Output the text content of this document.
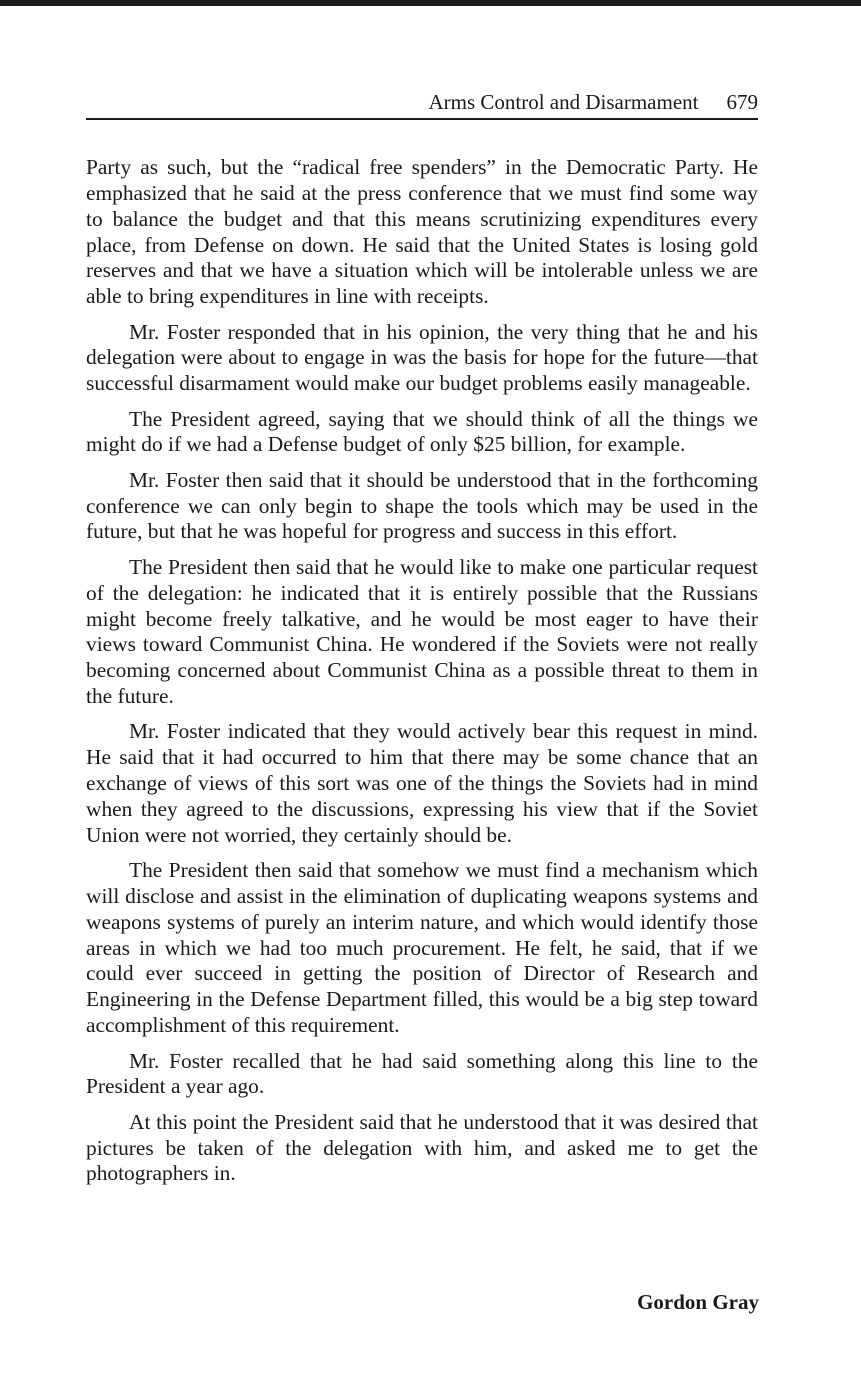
Arms Control and Disarmament 679

Party as such, but the “radical free spenders” in the Democratic Party. He emphasized that he said at the press conference that we must find some way to balance the budget and that this means scrutinizing expenditures every place, from Defense on down. He said that the United States is losing gold reserves and that we have a situation which will be intolerable unless we are able to bring expenditures in line with receipts.

Mr. Foster responded that in his opinion, the very thing that he and his delegation were about to engage in was the basis for hope for the future—that successful disarmament would make our budget problems easily manageable.

The President agreed, saying that we should think of all the things we might do if we had a Defense budget of only $25 billion, for example.

Mr. Foster then said that it should be understood that in the forthcoming conference we can only begin to shape the tools which may be used in the future, but that he was hopeful for progress and success in this effort.

The President then said that he would like to make one particular request of the delegation: he indicated that it is entirely possible that the Russians might become freely talkative, and he would be most eager to have their views toward Communist China. He wondered if the Soviets were not really becoming concerned about Communist China as a possible threat to them in the future.

Mr. Foster indicated that they would actively bear this request in mind. He said that it had occurred to him that there may be some chance that an exchange of views of this sort was one of the things the Soviets had in mind when they agreed to the discussions, expressing his view that if the Soviet Union were not worried, they certainly should be.

The President then said that somehow we must find a mechanism which will disclose and assist in the elimination of duplicating weapons systems and weapons systems of purely an interim nature, and which would identify those areas in which we had too much procurement. He felt, he said, that if we could ever succeed in getting the position of Director of Research and Engineering in the Defense Department filled, this would be a big step toward accomplishment of this requirement.

Mr. Foster recalled that he had said something along this line to the President a year ago.

At this point the President said that he understood that it was desired that pictures be taken of the delegation with him, and asked me to get the photographers in.

Gordon Gray
